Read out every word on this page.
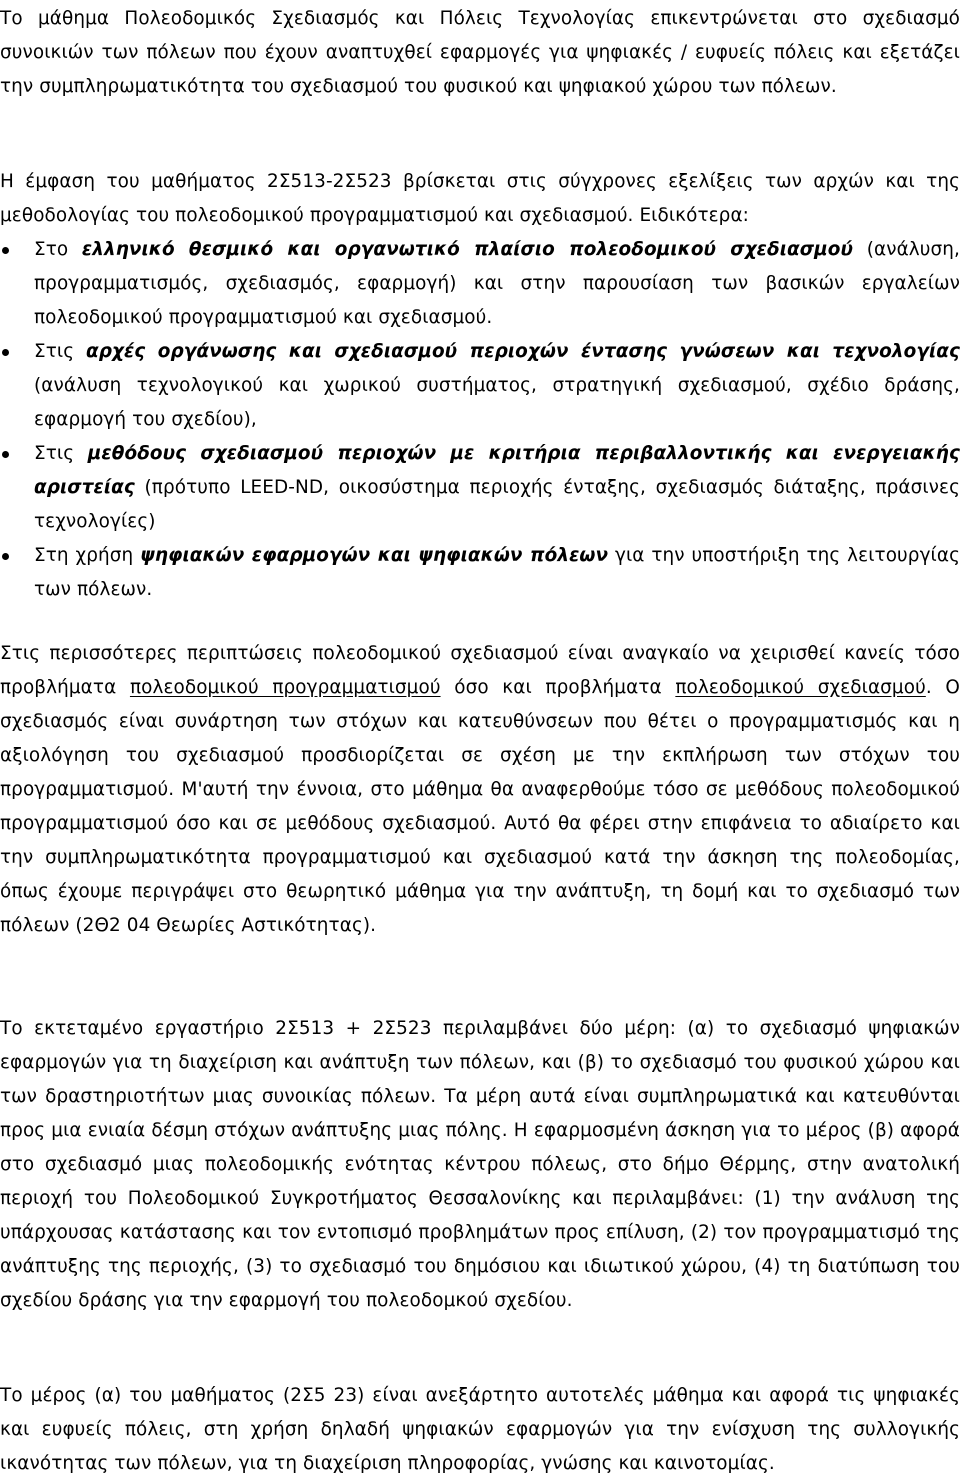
Το μάθημα Πολεοδομικός Σχεδιασμός και Πόλεις Τεχνολογίας επικεντρώνεται στο σχεδιασμό συνοικιών των πόλεων που έχουν αναπτυχθεί εφαρμογές για ψηφιακές / ευφυείς πόλεις και εξετάζει την συμπληρωματικότητα του σχεδιασμού του φυσικού και ψηφιακού χώρου των πόλεων.

Η έμφαση του μαθήματος 2Σ513-2Σ523 βρίσκεται στις σύγχρονες εξελίξεις των αρχών και της μεθοδολογίας του πολεοδομικού προγραμματισμού και σχεδιασμού. Ειδικότερα:

Στο ελληνικό θεσμικό και οργανωτικό πλαίσιο πολεοδομικού σχεδιασμού (ανάλυση, προγραμματισμός, σχεδιασμός, εφαρμογή) και στην παρουσίαση των βασικών εργαλείων πολεοδομικού προγραμματισμού και σχεδιασμού.
Στις αρχές οργάνωσης και σχεδιασμού περιοχών έντασης γνώσεων και τεχνολογίας (ανάλυση τεχνολογικού και χωρικού συστήματος, στρατηγική σχεδιασμού, σχέδιο δράσης, εφαρμογή του σχεδίου),
Στις μεθόδους σχεδιασμού περιοχών με κριτήρια περιβαλλοντικής και ενεργειακής αριστείας (πρότυπο LEED-ND, οικοσύστημα περιοχής ένταξης, σχεδιασμός διάταξης, πράσινες τεχνολογίες)
Στη χρήση ψηφιακών εφαρμογών και ψηφιακών πόλεων για την υποστήριξη της λειτουργίας των πόλεων.

Στις περισσότερες περιπτώσεις πολεοδομικού σχεδιασμού είναι αναγκαίο να χειρισθεί κανείς τόσο προβλήματα πολεοδομικού προγραμματισμού όσο και προβλήματα πολεοδομικού σχεδιασμού. Ο σχεδιασμός είναι συνάρτηση των στόχων και κατευθύνσεων που θέτει ο προγραμματισμός και η αξιολόγηση του σχεδιασμού προσδιορίζεται σε σχέση με την εκπλήρωση των στόχων του προγραμματισμού. Μ'αυτή την έννοια, στο μάθημα θα αναφερθούμε τόσο σε μεθόδους πολεοδομικού προγραμματισμού όσο και σε μεθόδους σχεδιασμού. Αυτό θα φέρει στην επιφάνεια το αδιαίρετο και την συμπληρωματικότητα προγραμματισμού και σχεδιασμού κατά την άσκηση της πολεοδομίας, όπως έχουμε περιγράψει στο θεωρητικό μάθημα για την ανάπτυξη, τη δομή και το σχεδιασμό των πόλεων (2Θ2 04 Θεωρίες Αστικότητας).

Το εκτεταμένο εργαστήριο 2Σ513 + 2Σ523 περιλαμβάνει δύο μέρη: (α) το σχεδιασμό ψηφιακών εφαρμογών για τη διαχείριση και ανάπτυξη των πόλεων, και (β) το σχεδιασμό του φυσικού χώρου και των δραστηριοτήτων μιας συνοικίας πόλεων. Τα μέρη αυτά είναι συμπληρωματικά και κατευθύνται προς μια ενιαία δέσμη στόχων ανάπτυξης μιας πόλης. Η εφαρμοσμένη άσκηση για το μέρος (β) αφορά στο σχεδιασμό μιας πολεοδομικής ενότητας κέντρου πόλεως, στο δήμο Θέρμης, στην ανατολική περιοχή του Πολεοδομικού Συγκροτήματος Θεσσαλονίκης και περιλαμβάνει: (1) την ανάλυση της υπάρχουσας κατάστασης και τον εντοπισμό προβλημάτων προς επίλυση, (2) τον προγραμματισμό της ανάπτυξης της περιοχής, (3) το σχεδιασμό του δημόσιου και ιδιωτικού χώρου, (4) τη διατύπωση του σχεδίου δράσης για την εφαρμογή του πολεοδομκού σχεδίου.

Το μέρος (α) του μαθήματος (2Σ5 23) είναι ανεξάρτητο αυτοτελές μάθημα και αφορά τις ψηφιακές και ευφυείς πόλεις, στη χρήση δηλαδή ψηφιακών εφαρμογών για την ενίσχυση της συλλογικής ικανότητας των πόλεων, για τη διαχείριση πληροφορίας, γνώσης και καινοτομίας.
